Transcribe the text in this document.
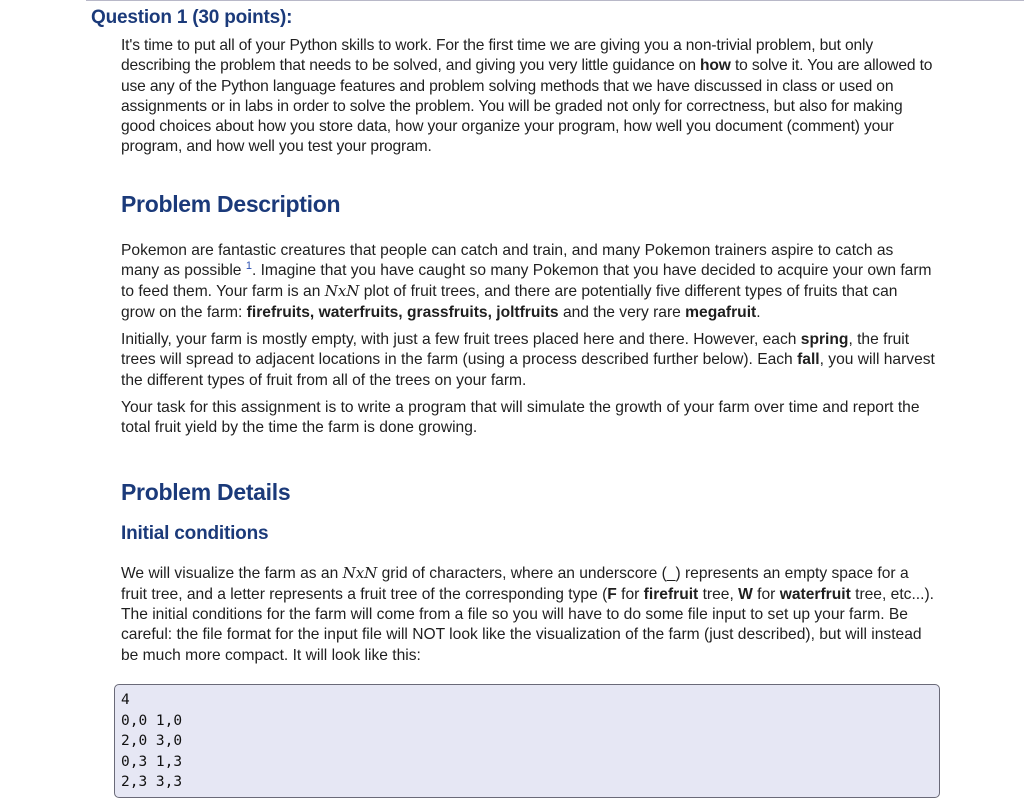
Question 1 (30 points):

It's time to put all of your Python skills to work. For the first time we are giving you a non-trivial problem, but only describing the problem that needs to be solved, and giving you very little guidance on how to solve it. You are allowed to use any of the Python language features and problem solving methods that we have discussed in class or used on assignments or in labs in order to solve the problem. You will be graded not only for correctness, but also for making good choices about how you store data, how your organize your program, how well you document (comment) your program, and how well you test your program.

Problem Description

Pokemon are fantastic creatures that people can catch and train, and many Pokemon trainers aspire to catch as many as possible $^1$. Imagine that you have caught so many Pokemon that you have decided to acquire your own farm to feed them. Your farm is an NxN plot of fruit trees, and there are potentially five different types of fruits that can grow on the farm: firefruits, waterfruits, grassfruits, joltfruits and the very rare megafruit.

Initially, your farm is mostly empty, with just a few fruit trees placed here and there. However, each spring, the fruit trees will spread to adjacent locations in the farm (using a process described further below). Each fall, you will harvest the different types of fruit from all of the trees on your farm.

Your task for this assignment is to write a program that will simulate the growth of your farm over time and report the total fruit yield by the time the farm is done growing.

Problem Details
Initial conditions

We will visualize the farm as an NxN grid of characters, where an underscore (_) represents an empty space for a fruit tree, and a letter represents a fruit tree of the corresponding type (F for firefruit tree, W for waterfruit tree, etc...). The initial conditions for the farm will come from a file so you will have to do some file input to set up your farm. Be careful: the file format for the input file will NOT look like the visualization of the farm (just described), but will instead be much more compact. It will look like this:

4
0,0 1,0
2,0 3,0
0,3 1,3
2,3 3,3
